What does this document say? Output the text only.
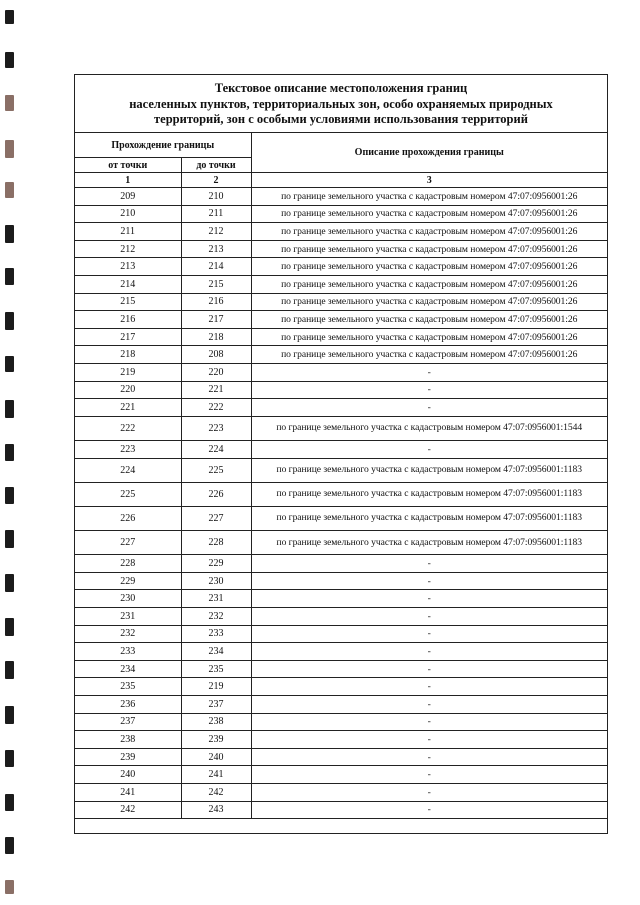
Текстовое описание местоположения границ
населенных пунктов, территориальных зон, особо охраняемых природных
территорий, зон с особыми условиями использования территорий
Прохождение границы		Описание прохождения границы
от точки	до точки	
1	2	3
209	210	по границе земельного участка с кадастровым номером 47:07:0956001:26
210	211	по границе земельного участка с кадастровым номером 47:07:0956001:26
211	212	по границе земельного участка с кадастровым номером 47:07:0956001:26
212	213	по границе земельного участка с кадастровым номером 47:07:0956001:26
213	214	по границе земельного участка с кадастровым номером 47:07:0956001:26
214	215	по границе земельного участка с кадастровым номером 47:07:0956001:26
215	216	по границе земельного участка с кадастровым номером 47:07:0956001:26
216	217	по границе земельного участка с кадастровым номером 47:07:0956001:26
217	218	по границе земельного участка с кадастровым номером 47:07:0956001:26
218	208	по границе земельного участка с кадастровым номером 47:07:0956001:26
219	220	-
220	221	-
221	222	-
222	223	по границе земельного участка с кадастровым номером 47:07:0956001:1544
223	224	-
224	225	по границе земельного участка с кадастровым номером 47:07:0956001:1183
225	226	по границе земельного участка с кадастровым номером 47:07:0956001:1183
226	227	по границе земельного участка с кадастровым номером 47:07:0956001:1183
227	228	по границе земельного участка с кадастровым номером 47:07:0956001:1183
228	229	-
229	230	-
230	231	-
231	232	-
232	233	-
233	234	-
234	235	-
235	219	-
236	237	-
237	238	-
238	239	-
239	240	-
240	241	-
241	242	-
242	243	-
